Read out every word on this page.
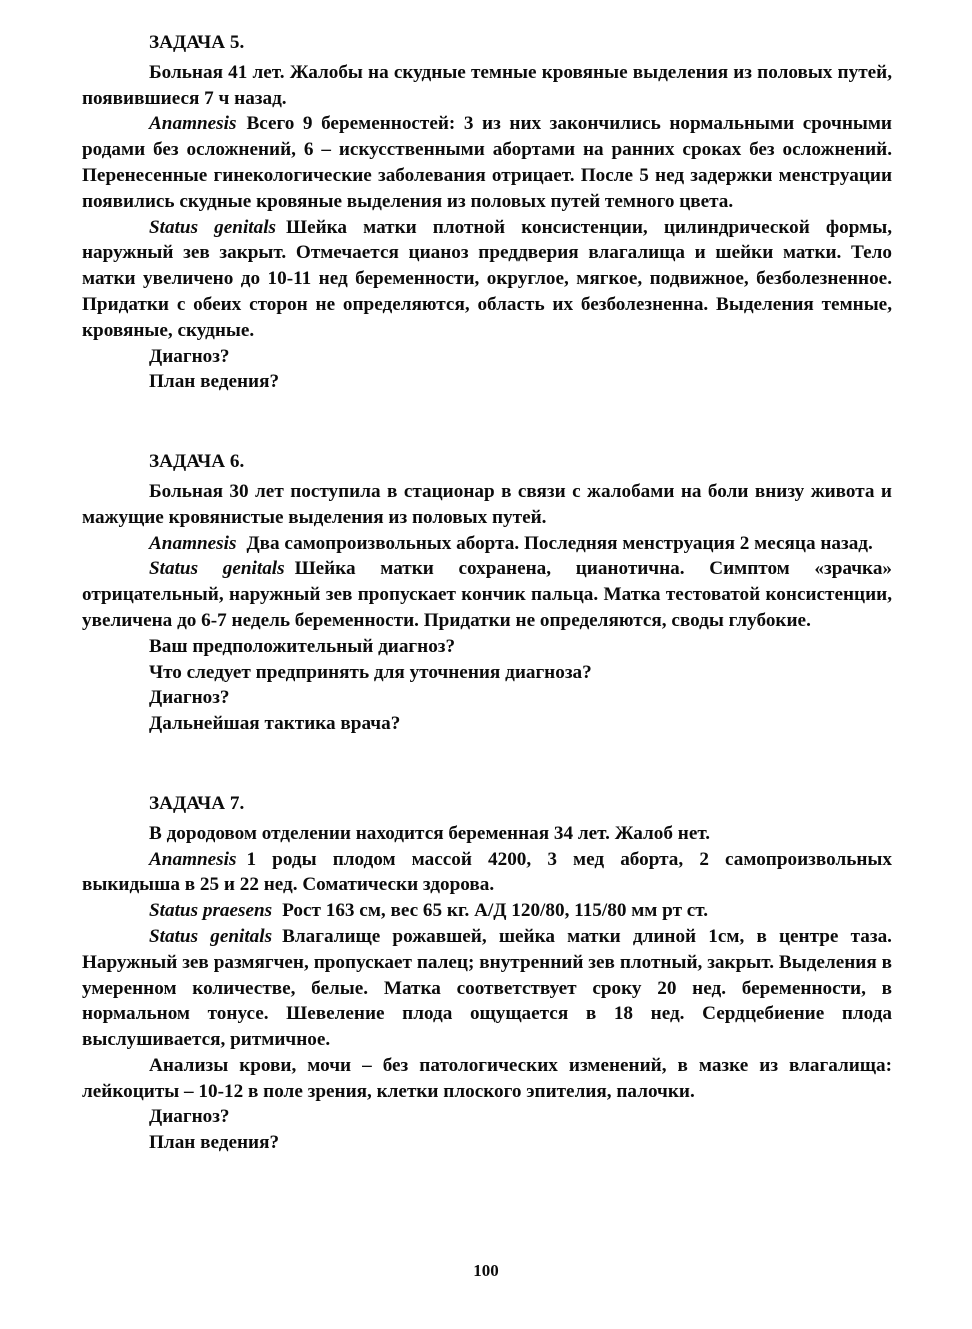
ЗАДАЧА 5.

Больная 41 лет. Жалобы на скудные темные кровяные выделения из половых путей, появившиеся 7 ч назад.

Anamnesis Всего 9 беременностей: 3 из них закончились нормальными срочными родами без осложнений, 6 – искусственными абортами на ранних сроках без осложнений. Перенесенные гинекологические заболевания отрицает. После 5 нед задержки менструации появились скудные кровяные выделения из половых путей темного цвета.

Status genitals Шейка матки плотной консистенции, цилиндрической формы, наружный зев закрыт. Отмечается цианоз преддверия влагалища и шейки матки. Тело матки увеличено до 10-11 нед беременности, округлое, мягкое, подвижное, безболезненное. Придатки с обеих сторон не определяются, область их безболезненна. Выделения темные, кровяные, скудные.

Диагноз?
План ведения?
ЗАДАЧА 6.

Больная 30 лет поступила в стационар в связи с жалобами на боли внизу живота и мажущие кровянистые выделения из половых путей.

Anamnesis Два самопроизвольных аборта. Последняя менструация 2 месяца назад.

Status genitals Шейка матки сохранена, цианотична. Симптом «зрачка» отрицательный, наружный зев пропускает кончик пальца. Матка тестоватой консистенции, увеличена до 6-7 недель беременности. Придатки не определяются, своды глубокие.

Ваш предположительный диагноз?
Что следует предпринять для уточнения диагноза?
Диагноз?
Дальнейшая тактика врача?
ЗАДАЧА 7.

В дородовом отделении находится беременная 34 лет. Жалоб нет.

Anamnesis 1 роды плодом массой 4200, 3 мед аборта, 2 самопроизвольных выкидыша в 25 и 22 нед. Соматически здорова.

Status praesens Рост 163 см, вес 65 кг. А/Д 120/80, 115/80 мм рт ст.

Status genitals Влагалище рожавшей, шейка матки длиной 1см, в центре таза. Наружный зев размягчен, пропускает палец; внутренний зев плотный, закрыт. Выделения в умеренном количестве, белые. Матка соответствует сроку 20 нед. беременности, в нормальном тонусе. Шевеление плода ощущается в 18 нед. Сердцебиение плода выслушивается, ритмичное.

Анализы крови, мочи – без патологических изменений, в мазке из влагалища: лейкоциты – 10-12 в поле зрения, клетки плоского эпителия, палочки.

Диагноз?
План ведения?
100
